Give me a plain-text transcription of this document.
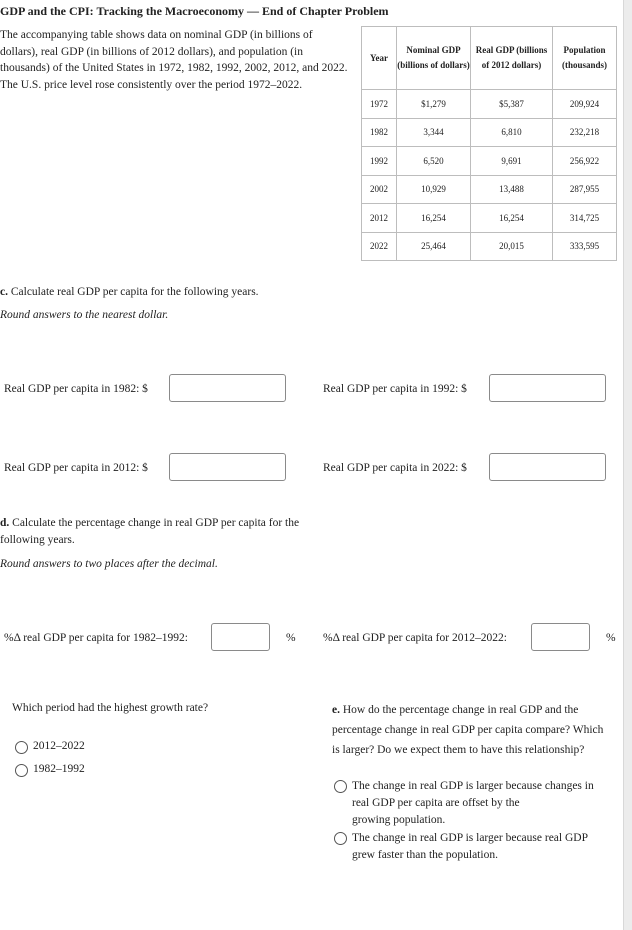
GDP and the CPI: Tracking the Macroeconomy — End of Chapter Problem
The accompanying table shows data on nominal GDP (in billions of dollars), real GDP (in billions of 2012 dollars), and population (in thousands) of the United States in 1972, 1982, 1992, 2002, 2012, and 2022. The U.S. price level rose consistently over the period 1972–2022.
Year	Nominal GDP (billions of dollars)	Real GDP (billions of 2012 dollars)	Population (thousands)
1972	$1,279	$5,387	209,924
1982	3,344	6,810	232,218
1992	6,520	9,691	256,922
2002	10,929	13,488	287,955
2012	16,254	16,254	314,725
2022	25,464	20,015	333,595
c. Calculate real GDP per capita for the following years.
Round answers to the nearest dollar.
Real GDP per capita in 1982: $	Real GDP per capita in 1992: $
Real GDP per capita in 2012: $	Real GDP per capita in 2022: $
d. Calculate the percentage change in real GDP per capita for the following years.
Round answers to two places after the decimal.
%Δ real GDP per capita for 1982–1992:	% %Δ real GDP per capita for 2012–2022:	%
Which period had the highest growth rate?
2012–2022
1982–1992
e. How do the percentage change in real GDP and the percentage change in real GDP per capita compare? Which is larger? Do we expect them to have this relationship?
The change in real GDP is larger because changes in real GDP per capita are offset by the
growing population.
The change in real GDP is larger because real GDP grew faster than the population.
